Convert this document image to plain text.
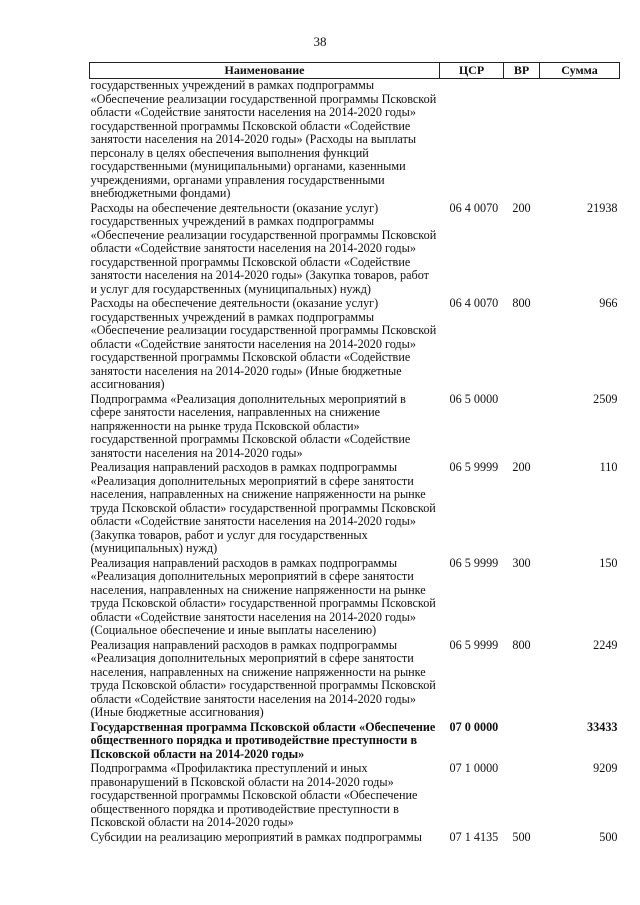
38
Наименование	ЦСР	ВР	Сумма
государственных учреждений в рамках подпрограммы «Обеспечение реализации государственной программы Псковской области «Содействие занятости населения на 2014-2020 годы» государственной программы Псковской области «Содействие занятости населения на 2014-2020 годы» (Расходы на выплаты персоналу в целях обеспечения выполнения функций государственными (муниципальными) органами, казенными учреждениями, органами управления государственными внебюджетными фондами)			
Расходы на обеспечение деятельности (оказание услуг) государственных учреждений в рамках подпрограммы «Обеспечение реализации государственной программы Псковской области «Содействие занятости населения на 2014-2020 годы» государственной программы Псковской области «Содействие занятости населения на 2014-2020 годы» (Закупка товаров, работ и услуг для государственных (муниципальных) нужд)	06 4 0070	200	21938
Расходы на обеспечение деятельности (оказание услуг) государственных учреждений в рамках подпрограммы «Обеспечение реализации государственной программы Псковской области «Содействие занятости населения на 2014-2020 годы» государственной программы Псковской области «Содействие занятости населения на 2014-2020 годы» (Иные бюджетные ассигнования)	06 4 0070	800	966
Подпрограмма «Реализация дополнительных мероприятий в сфере занятости населения, направленных на снижение напряженности на рынке труда Псковской области» государственной программы Псковской области «Содействие занятости населения на 2014-2020 годы»	06 5 0000		2509
Реализация направлений расходов в рамках подпрограммы «Реализация дополнительных мероприятий в сфере занятости населения, направленных на снижение напряженности на рынке труда Псковской области» государственной программы Псковской области «Содействие занятости населения на 2014-2020 годы» (Закупка товаров, работ и услуг для государственных (муниципальных) нужд)	06 5 9999	200	110
Реализация направлений расходов в рамках подпрограммы «Реализация дополнительных мероприятий в сфере занятости населения, направленных на снижение напряженности на рынке труда Псковской области» государственной программы Псковской области «Содействие занятости населения на 2014-2020 годы» (Социальное обеспечение и иные выплаты населению)	06 5 9999	300	150
Реализация направлений расходов в рамках подпрограммы «Реализация дополнительных мероприятий в сфере занятости населения, направленных на снижение напряженности на рынке труда Псковской области» государственной программы Псковской области «Содействие занятости населения на 2014-2020 годы» (Иные бюджетные ассигнования)	06 5 9999	800	2249
Государственная программа Псковской области «Обеспечение общественного порядка и противодействие преступности в Псковской области на 2014-2020 годы»	07 0 0000		33433
Подпрограмма «Профилактика преступлений и иных правонарушений в Псковской области на 2014-2020 годы» государственной программы Псковской области «Обеспечение общественного порядка и противодействие преступности в Псковской области на 2014-2020 годы»	07 1 0000		9209
Субсидии на реализацию мероприятий в рамках подпрограммы	07 1 4135	500	500
